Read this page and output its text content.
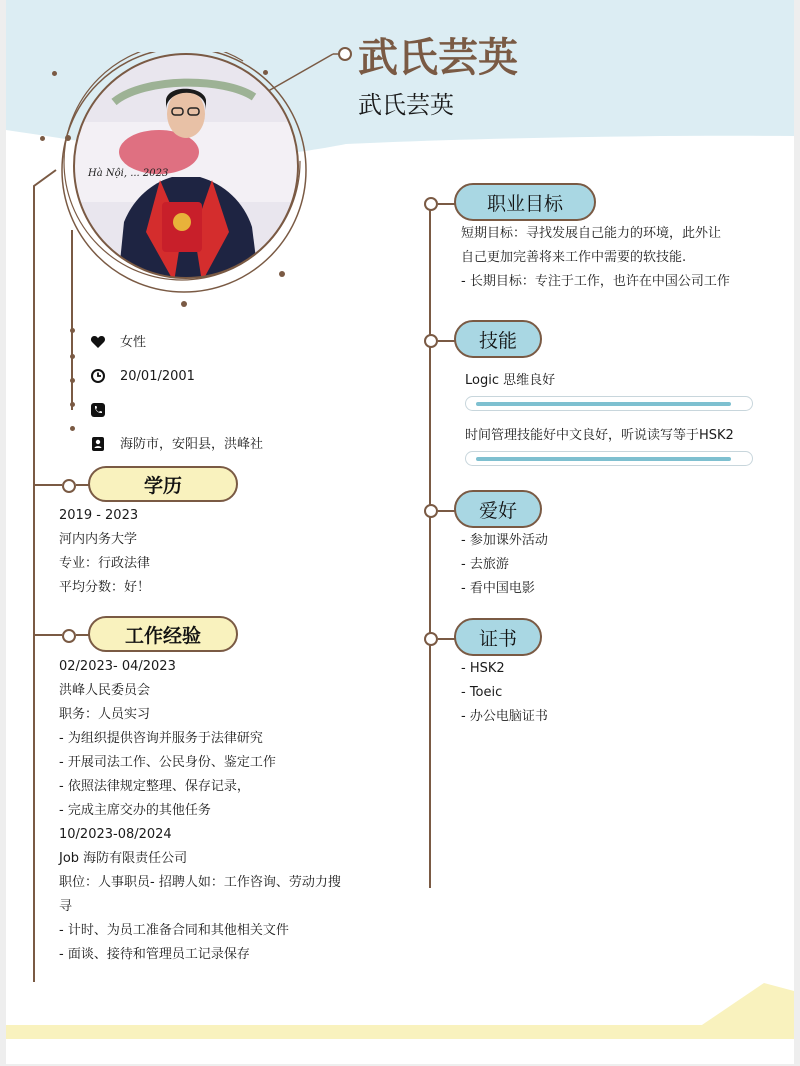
武氏芸英
武氏芸英
Hà Nội, ... 2023
女性
20/01/2001
海防市，安阳县，洪峰社
学历
2019 - 2023
河内内务大学
专业：行政法律
平均分数：好！
工作经验
02/2023- 04/2023
洪峰人民委员会
职务：人员实习
- 为组织提供咨询并服务于法律研究
- 开展司法工作、公民身份、鉴定工作
- 依照法律规定整理、保存记录，
- 完成主席交办的其他任务
10/2023-08/2024
Job 海防有限责任公司
职位：人事职员- 招聘人如：工作咨询、劳动力搜
寻
- 计时、为员工准备合同和其他相关文件
- 面谈、接待和管理员工记录保存
职业目标
短期目标：寻找发展自己能力的环境，此外让
自己更加完善将来工作中需要的软技能.
- 长期目标：专注于工作，也许在中国公司工作
技能
Logic 思维良好
时间管理技能好中文良好，听说读写等于HSK2
爱好
- 参加课外活动
- 去旅游
- 看中国电影
证书
- HSK2
- Toeic
- 办公电脑证书
